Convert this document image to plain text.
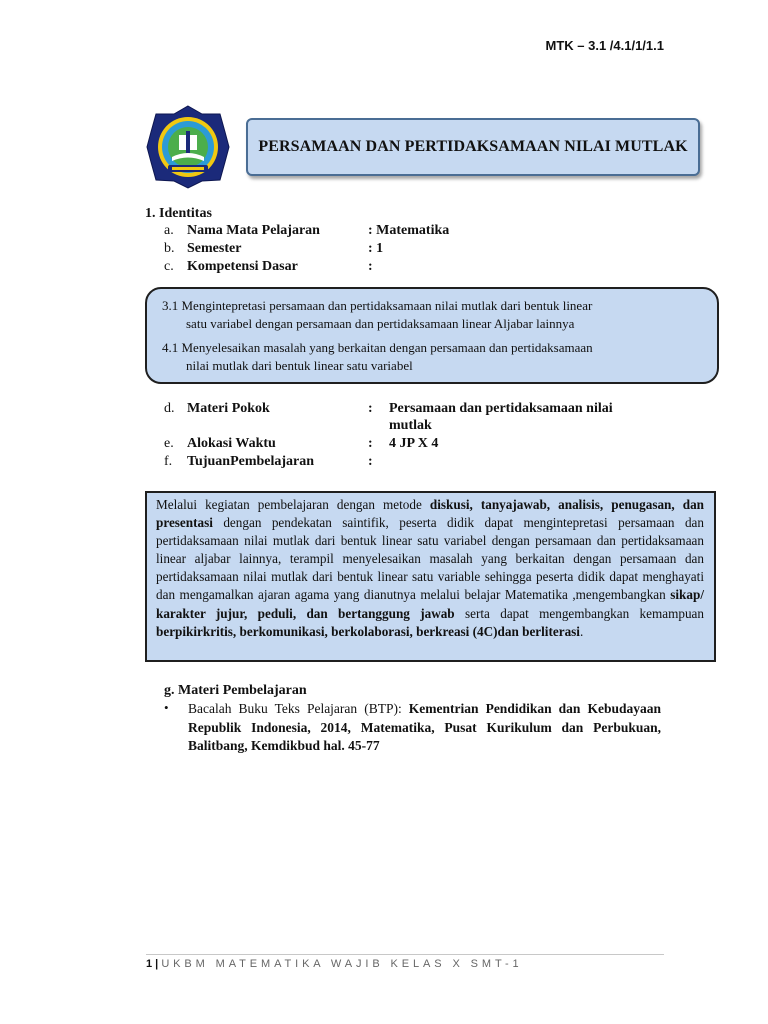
MTK – 3.1 /4.1/1/1.1
PERSAMAAN DAN PERTIDAKSAMAAN NILAI MUTLAK
1. Identitas
a. Nama Mata Pelajaran	: Matematika
b. Semester	: 1
c. Kompetensi Dasar	:
3.1 Mengintepretasi persamaan dan pertidaksamaan nilai mutlak dari bentuk linear
satu variabel dengan persamaan dan pertidaksamaan linear Aljabar lainnya
4.1 Menyelesaikan masalah yang berkaitan dengan persamaan dan pertidaksamaan
nilai mutlak dari bentuk linear satu variabel
d. Materi Pokok	: Persamaan dan pertidaksamaan nilai
mutlak
e. Alokasi Waktu	: 4 JP X 4
f. TujuanPembelajaran	:
Melalui kegiatan pembelajaran dengan metode diskusi, tanyajawab, analisis, penugasan, dan presentasi dengan pendekatan saintifik, peserta didik dapat mengintepretasi persamaan dan pertidaksamaan nilai mutlak dari bentuk linear satu variabel dengan persamaan dan pertidaksamaan linear aljabar lainnya, terampil menyelesaikan masalah yang berkaitan dengan persamaan dan pertidaksamaan nilai mutlak dari bentuk linear satu variable sehingga peserta didik dapat menghayati dan mengamalkan ajaran agama yang dianutnya melalui belajar Matematika ,mengembangkan sikap/ karakter jujur, peduli, dan bertanggung jawab serta dapat mengembangkan kemampuan berpikirkritis, berkomunikasi, berkolaborasi, berkreasi (4C)dan berliterasi.
g. Materi Pembelajaran
• Bacalah Buku Teks Pelajaran (BTP): Kementrian Pendidikan dan Kebudayaan Republik Indonesia, 2014, Matematika, Pusat Kurikulum dan Perbukuan, Balitbang, Kemdikbud hal. 45-77
1 | UKBM MATEMATIKA WAJIB KELAS X SMT-1
